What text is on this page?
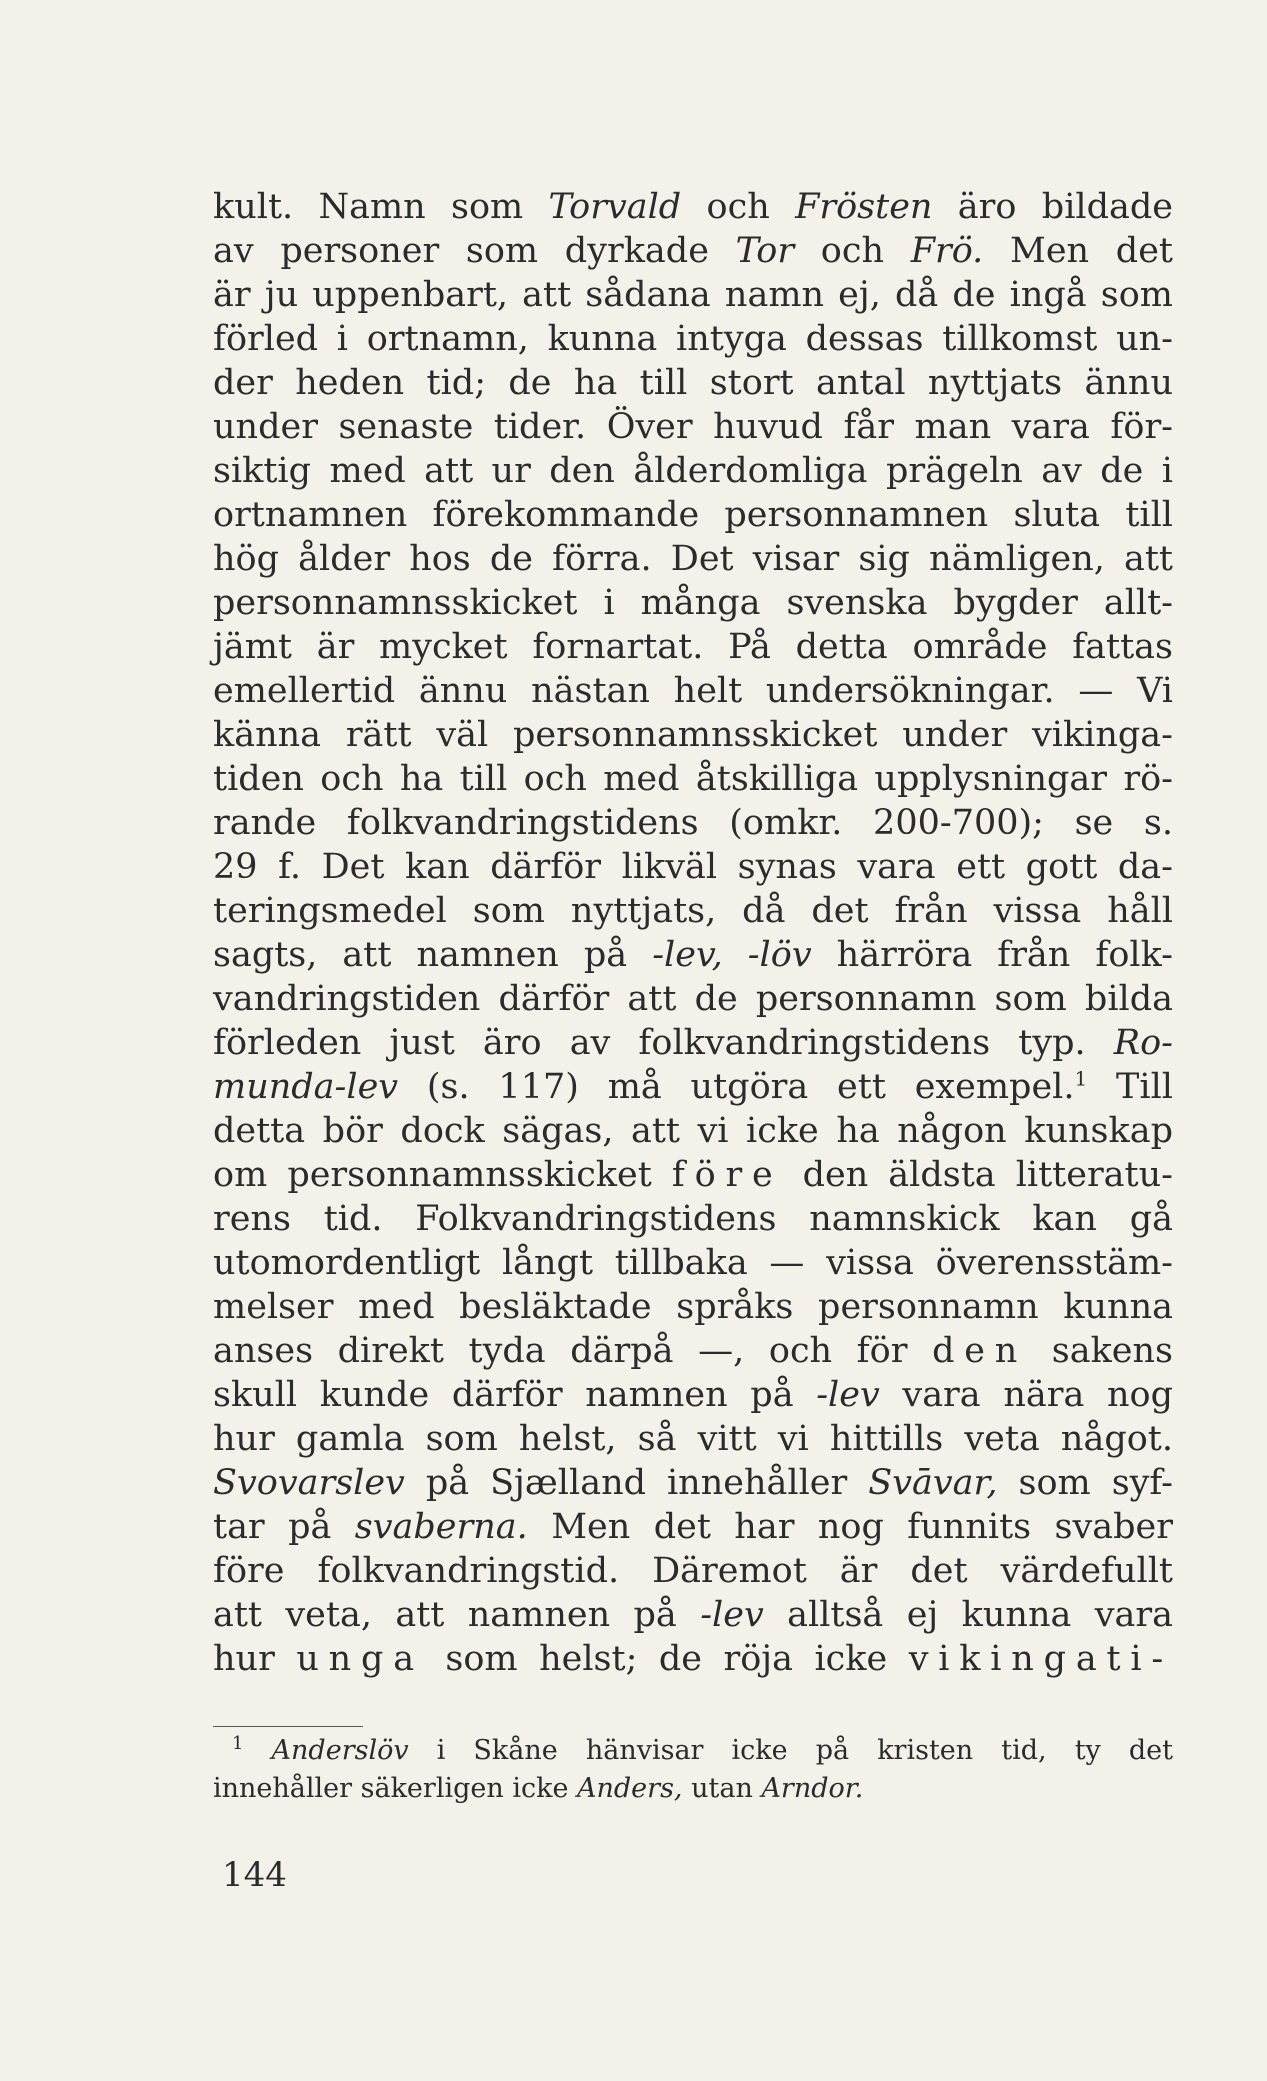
kult. Namn som Torvald och Frösten äro bildade
av personer som dyrkade Tor och Frö. Men det
är ju uppenbart, att sådana namn ej, då de ingå som
förled i ortnamn, kunna intyga dessas tillkomst un-
der heden tid; de ha till stort antal nyttjats ännu
under senaste tider. Över huvud får man vara för-
siktig med att ur den ålderdomliga prägeln av de i
ortnamnen förekommande personnamnen sluta till
hög ålder hos de förra. Det visar sig nämligen, att
personnamnsskicket i många svenska bygder allt-
jämt är mycket fornartat. På detta område fattas
emellertid ännu nästan helt undersökningar. — Vi
känna rätt väl personnamnsskicket under vikinga-
tiden och ha till och med åtskilliga upplysningar rö-
rande folkvandringstidens (omkr. 200-700); se s.
29 f. Det kan därför likväl synas vara ett gott da-
teringsmedel som nyttjats, då det från vissa håll
sagts, att namnen på -lev, -löv härröra från folk-
vandringstiden därför att de personnamn som bilda
förleden just äro av folkvandringstidens typ. Ro-
munda-lev (s. 117) må utgöra ett exempel.$^1$ Till
detta bör dock sägas, att vi icke ha någon kunskap
om personnamnsskicket före den äldsta litteratu-
rens tid. Folkvandringstidens namnskick kan gå
utomordentligt långt tillbaka — vissa överensstäm-
melser med besläktade språks personnamn kunna
anses direkt tyda därpå —, och för den sakens
skull kunde därför namnen på -lev vara nära nog
hur gamla som helst, så vitt vi hittills veta något.
Svovarslev på Sjælland innehåller Svāvar, som syf-
tar på svaberna. Men det har nog funnits svaber
före folkvandringstid. Däremot är det värdefullt
att veta, att namnen på -lev alltså ej kunna vara
hur unga som helst; de röja icke vikingati-
$^1$ Anderslöv i Skåne hänvisar icke på kristen tid, ty det
innehåller säkerligen icke Anders, utan Arndor.
144
